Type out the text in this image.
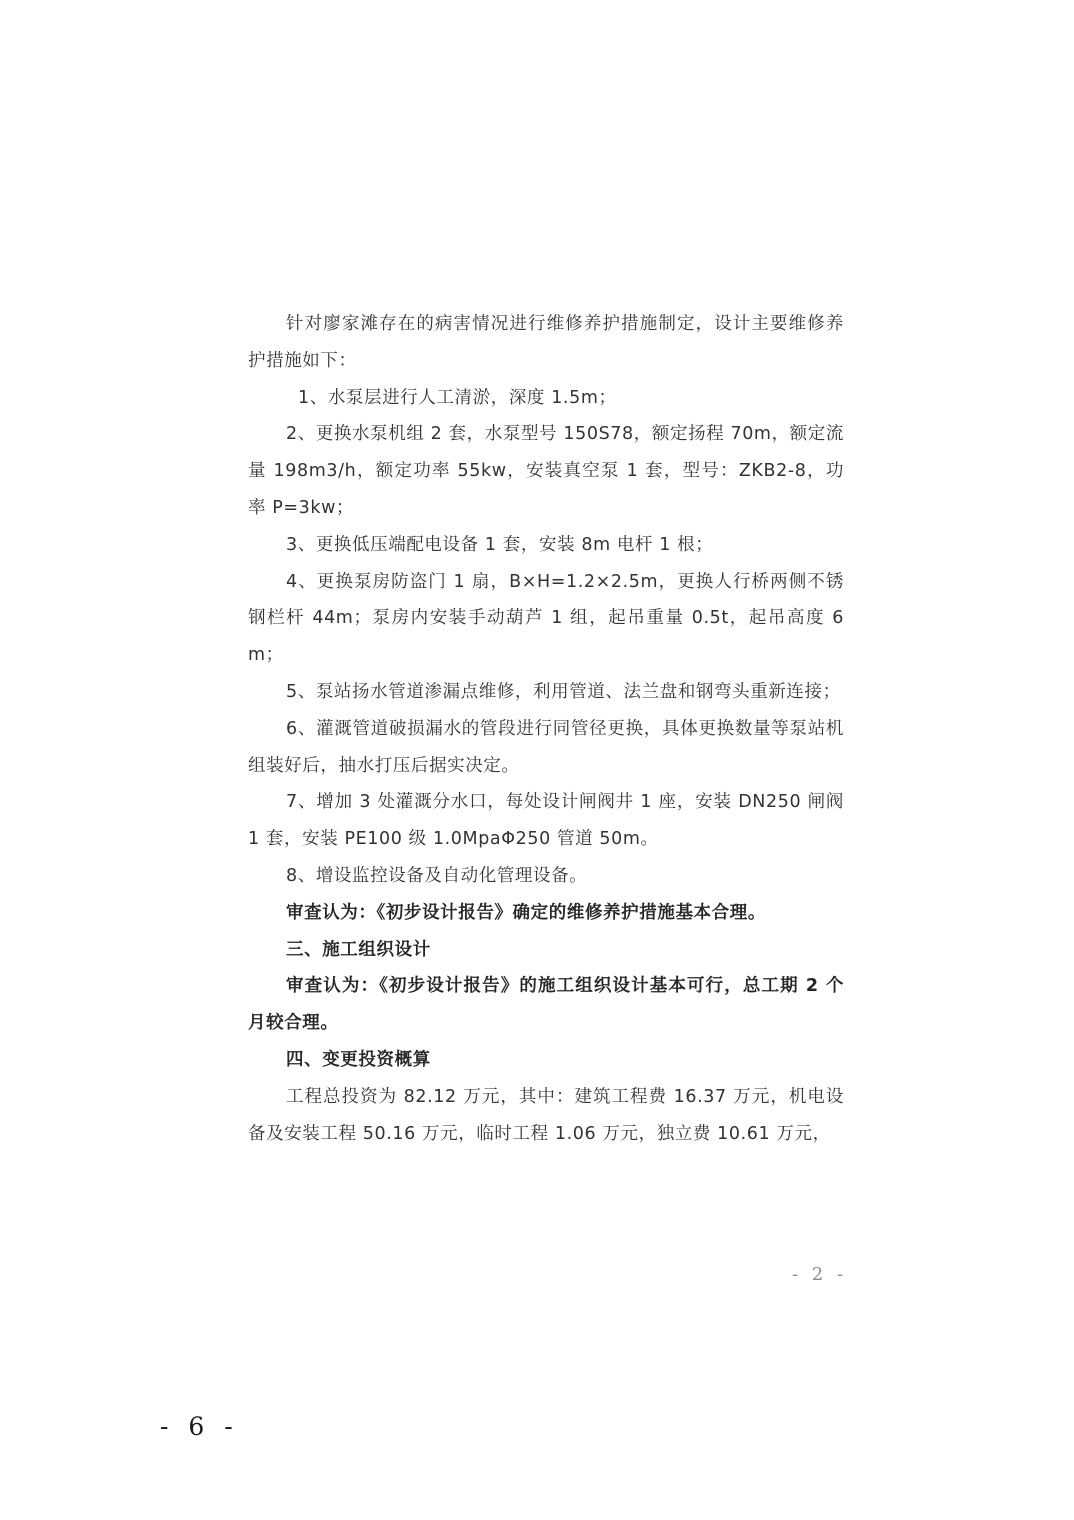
针对廖家滩存在的病害情况进行维修养护措施制定，设计主要维修养护措施如下：

1、水泵层进行人工清淤，深度 1.5m；

2、更换水泵机组 2 套，水泵型号 150S78，额定扬程 70m，额定流量 198m3/h，额定功率 55kw，安装真空泵 1 套，型号：ZKB2-8，功率 P=3kw；

3、更换低压端配电设备 1 套，安装 8m 电杆 1 根；

4、更换泵房防盗门 1 扇，B×H=1.2×2.5m，更换人行桥两侧不锈钢栏杆 44m；泵房内安装手动葫芦 1 组，起吊重量 0.5t，起吊高度 6m；

5、泵站扬水管道渗漏点维修，利用管道、法兰盘和钢弯头重新连接；

6、灌溉管道破损漏水的管段进行同管径更换，具体更换数量等泵站机组装好后，抽水打压后据实决定。

7、增加 3 处灌溉分水口，每处设计闸阀井 1 座，安装 DN250 闸阀 1 套，安装 PE100 级 1.0MpaΦ250 管道 50m。

8、增设监控设备及自动化管理设备。

审查认为：《初步设计报告》确定的维修养护措施基本合理。

三、施工组织设计

审查认为：《初步设计报告》的施工组织设计基本可行，总工期 2 个月较合理。

四、变更投资概算

工程总投资为 82.12 万元，其中：建筑工程费 16.37 万元，机电设备及安装工程 50.16 万元，临时工程 1.06 万元，独立费 10.61 万元，

- 2 -
- 6 -
